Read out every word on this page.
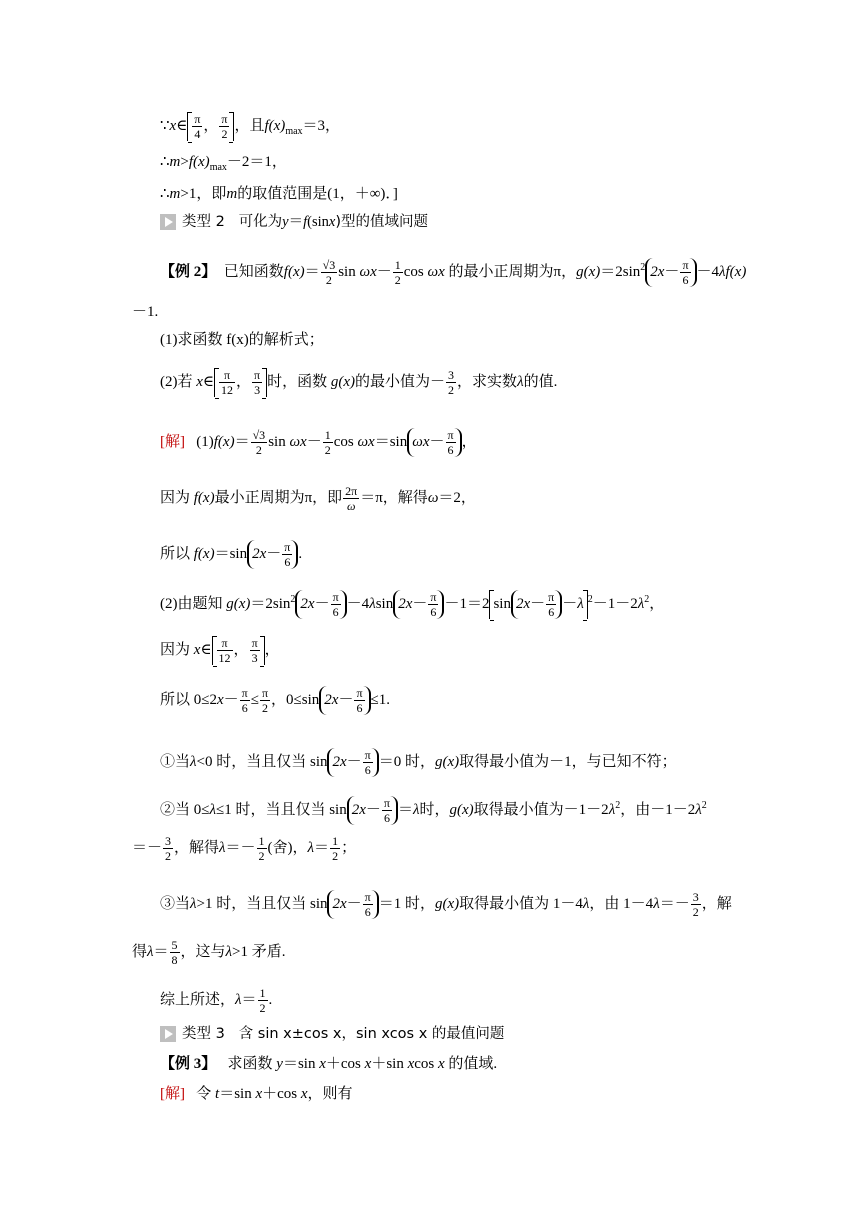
∵x∈ $\frac{\pi}{4}$ ， $\frac{\pi}{2}$ ，且$f(x)_{max}=3$，
$\therefore m>f(x)_{max}-2=1$，
∴m>1，即m的取值范围是(1，＋∞)．]
类型 2 可化为y＝f(sinx)型的值域问题
【例 2】 已知函数$f(x)= \frac{√3}{2}$ $\sin \omega x- \frac{1}{2}$ cos ωx 的最小正周期为π，$g(x)=2\sin^2$ $2x- \frac{\pi}{6} -4\lambda f(x)$
－1.
(1)求函数 f(x)的解析式；
(2)若 x∈ $\frac{\pi}{12}$ ， $\frac{\pi}{3}$ 时，函数 g(x)的最小值为－ $\frac{3}{2}$ ，求实数λ的值.
[解] $(1)f(x)= \frac{√3}{2}$ $\sin \omega x- \frac{1}{2}$ cos ωx＝sin $\omega x- \frac{\pi}{6}$ ，
因为 f(x)最小正周期为π，即 $\frac{2\pi}{\omega} =\pi$，解得ω＝2，
所以 f(x)＝sin $2x- \frac{\pi}{6}$ .
(2)由题知 $g(x)=2\sin^2$ $2x- \frac{\pi}{6} -4\lambda\sin$ $2x- \frac{\pi}{6} -1=2$ $\sin 2x- \frac{\pi}{6} -\lambda$ $^2-1-2\lambda^2$，
因为 x∈ $\frac{\pi}{12}$ ， $\frac{\pi}{3}$ ，
所以 $0\le 2x- \frac{\pi}{6} \le \frac{\pi}{2}$ ，0≤sin $2x- \frac{\pi}{6} \le 1$.
①当λ<0 时，当且仅当 $\sin 2x- \frac{\pi}{6} =0$ 时，g(x)取得最小值为－1，与已知不符；
②当 0≤λ≤1 时，当且仅当 $\sin 2x- \frac{\pi}{6} =\lambda$时，g(x)取得最小值为$-1-2\lambda^2$，由$-1-2\lambda^2$
＝－ $\frac{3}{2}$ ，解得$\lambda=- \frac{1}{2}$ (舍)，$\lambda= \frac{1}{2}$ ；
③当λ>1 时，当且仅当 $\sin 2x- \frac{\pi}{6} =1$ 时，g(x)取得最小值为 1－4λ，由 $1-4\lambda=- \frac{3}{2}$ ，解
得$\lambda= \frac{5}{8}$ ，这与λ>1 矛盾.
综上所述，$\lambda= \frac{1}{2}$ .
类型 3 含 sin x±cos x，sin xcos x 的最值问题
【例 3】 求函数 y＝sin x＋cos x＋sin xcos x 的值域.
[解] 令 t＝sin x＋cos x，则有
